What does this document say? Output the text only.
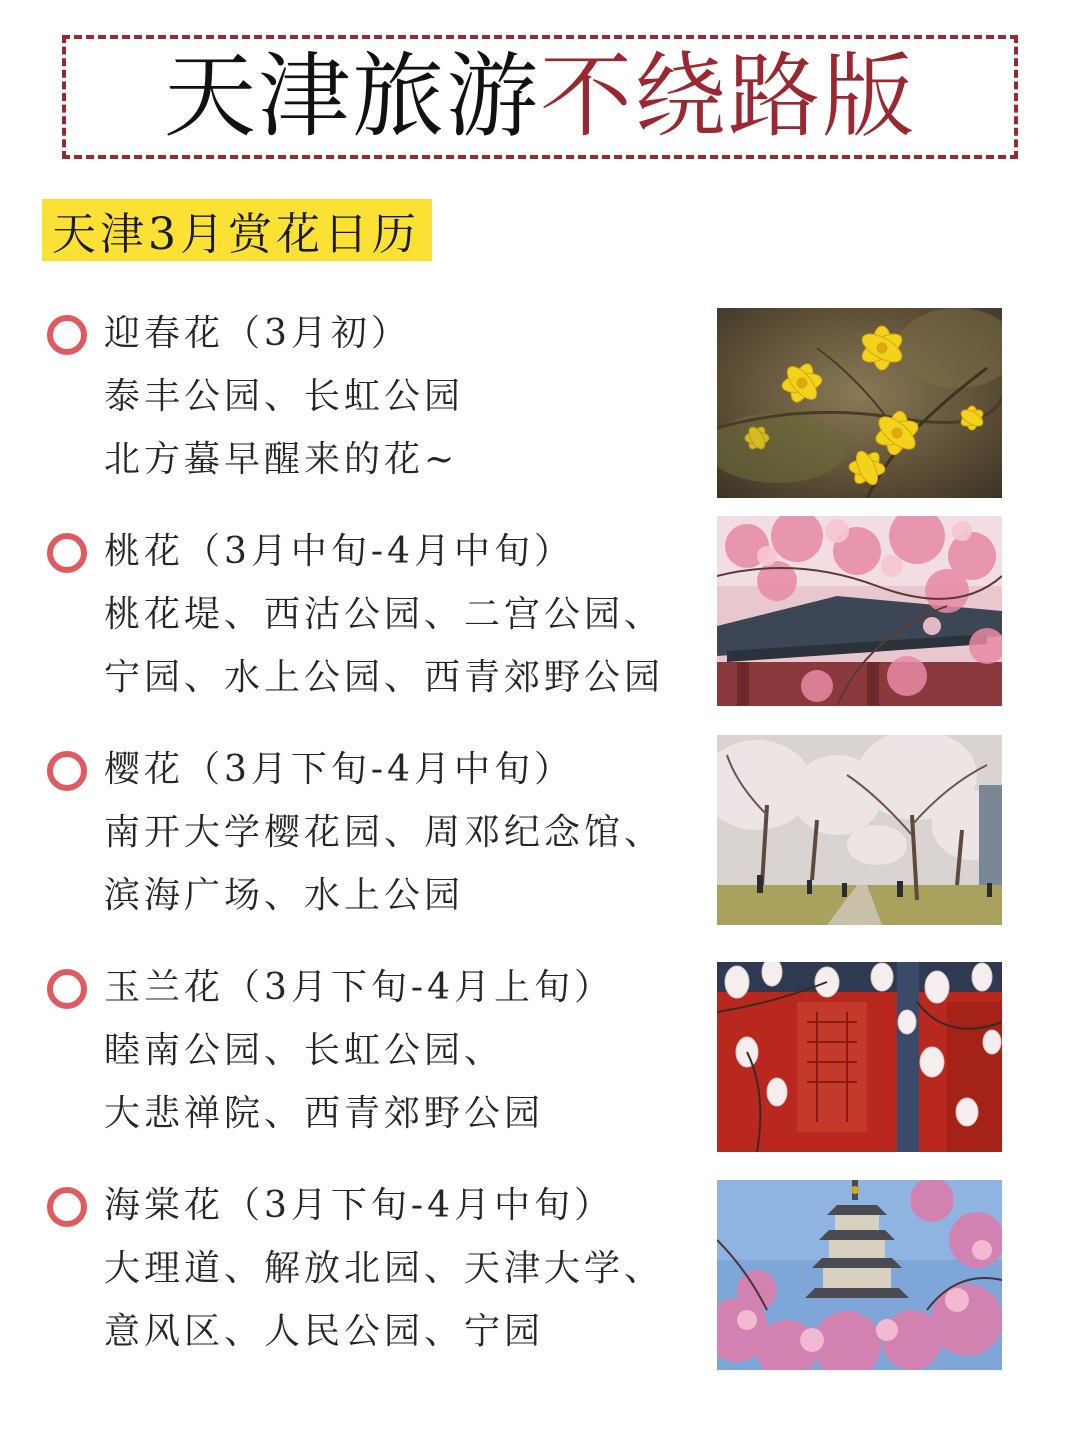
天津旅游不绕路版
天津3月赏花日历
迎春花（3月初）
泰丰公园、长虹公园
北方蟇早醒来的花~
桃花（3月中旬-4月中旬）
桃花堤、西沽公园、二宫公园、
宁园、水上公园、西青郊野公园
樱花（3月下旬-4月中旬）
南开大学樱花园、周邓纪念馆、
滨海广场、水上公园
玉兰花（3月下旬-4月上旬）
睦南公园、长虹公园、
大悲禅院、西青郊野公园
海棠花（3月下旬-4月中旬）
大理道、解放北园、天津大学、
意风区、人民公园、宁园
